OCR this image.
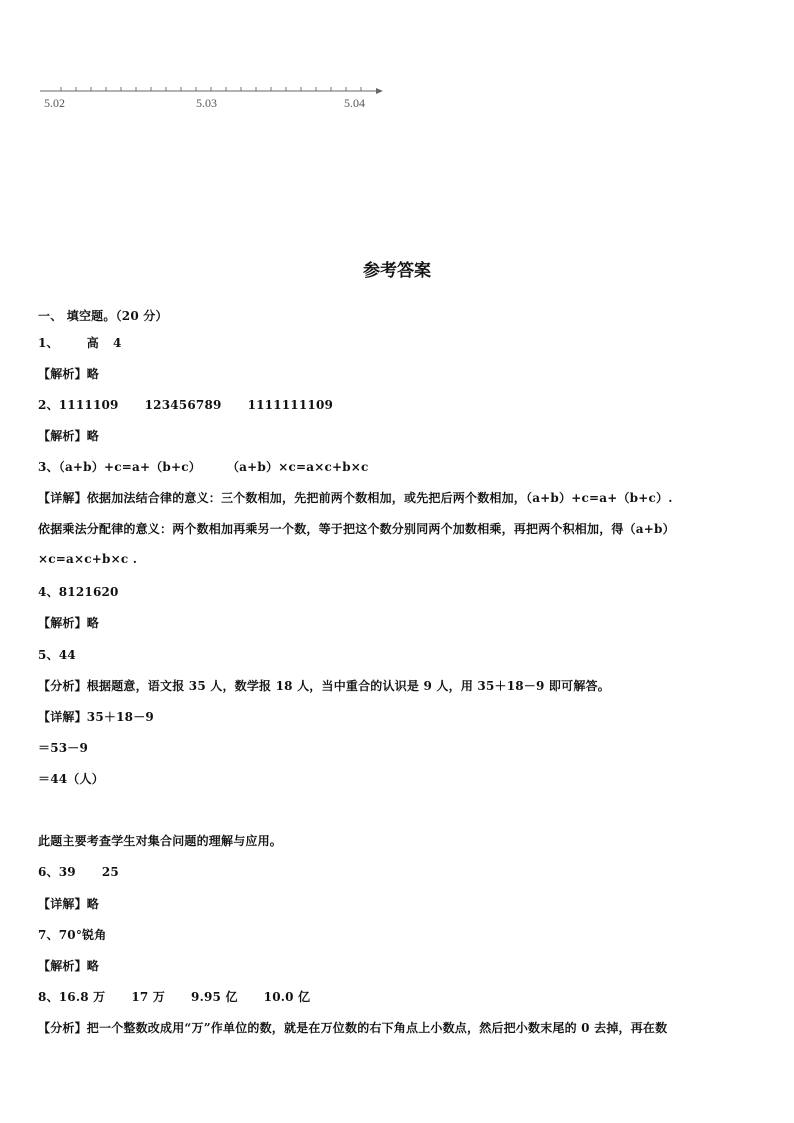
5.02	5.03	5.04
参考答案
一、 填空题。（20 分）
1、 高 4
【解析】略
2、1111109 123456789 1111111109
【解析】略
3、（a+b）+c=a+（b+c） （a+b）×c=a×c+b×c
【详解】依据加法结合律的意义：三个数相加，先把前两个数相加，或先把后两个数相加，（a+b）+c=a+（b+c）.
依据乘法分配律的意义：两个数相加再乘另一个数，等于把这个数分别同两个加数相乘，再把两个积相加，得（a+b）
×c=a×c+b×c .
4、8121620
【解析】略
5、44
【分析】根据题意，语文报 35 人，数学报 18 人，当中重合的认识是 9 人，用 35＋18－9 即可解答。
【详解】35＋18－9
＝53－9
＝44（人）
此题主要考查学生对集合问题的理解与应用。
6、39 25
【详解】略
7、70°锐角
【解析】略
8、16.8 万 17 万 9.95 亿 10.0 亿
【分析】把一个整数改成用“万”作单位的数，就是在万位数的右下角点上小数点，然后把小数末尾的 0 去掉，再在数
